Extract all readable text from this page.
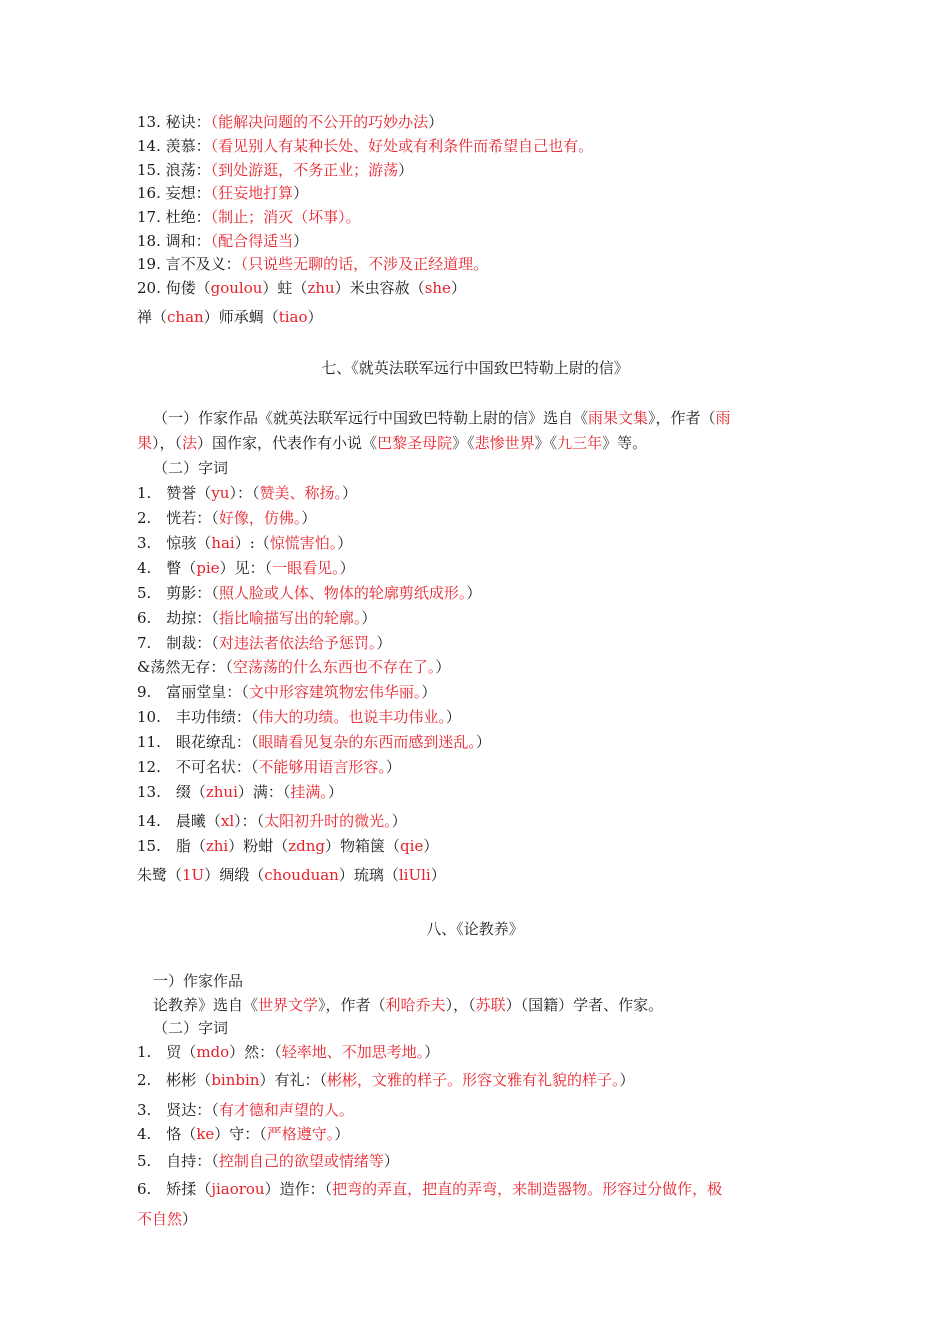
13. 秘诀：（能解决问题的不公开的巧妙办法）
14. 羡慕：（看见别人有某种长处、好处或有利条件而希望自己也有。
15. 浪荡：（到处游逛，不务正业；游荡）
16. 妄想：（狂妄地打算）
17. 杜绝：（制止；消灭（坏事）。
18. 调和：（配合得适当）
19. 言不及义：（只说些无聊的话，不涉及正经道理。
20. 佝偻（goulou）蛀（zhu）米虫容赦（she）
禅（chan）师承蜩（tiao）
七、《就英法联军远行中国致巴特勒上尉的信》
（一）作家作品《就英法联军远行中国致巴特勒上尉的信》选自《雨果文集》，作者（雨
果），（法）国作家，代表作有小说《巴黎圣母院》《悲惨世界》《九三年》等。
（二）字词
1.　赞誉（yu）：（赞美、称扬。）
2.　恍若：（好像，仿佛。）
3.　惊骇（hai）:（惊慌害怕。）
4.　瞥（pie）见：（一眼看见。）
5.　剪影：（照人脸或人体、物体的轮廓剪纸成形。）
6.　劫掠：（指比喻描写出的轮廓。）
7.　制裁：（对违法者依法给予惩罚。）
&荡然无存：（空荡荡的什么东西也不存在了。）
9.　富丽堂皇：（文中形容建筑物宏伟华丽。）
10.　丰功伟绩：（伟大的功绩。也说丰功伟业。）
11.　眼花缭乱：（眼睛看见复杂的东西而感到迷乱。）
12.　不可名状：（不能够用语言形容。）
13.　缀（zhui）满：（挂满。）
14.　晨曦（xl）：（太阳初升时的微光。）
15.　脂（zhi）粉蚶（zdng）物箱箧（qie）
朱鹭（1U）绸缎（chouduan）琉璃（liUli）
八、《论教养》
一）作家作品
论教养》选自《世界文学》，作者（利哈乔夫），（苏联）（国籍）学者、作家。
（二）字词
1.　贸（mdo）然：（轻率地、不加思考地。）
2.　彬彬（binbin）有礼：（彬彬，文雅的样子。形容文雅有礼貌的样子。）
3.　贤达：（有才德和声望的人。
4.　恪（ke）守：（严格遵守。）
5.　自持：（控制自己的欲望或情绪等）
6.　矫揉（jiaorou）造作：（把弯的弄直，把直的弄弯，来制造器物。形容过分做作，极
不自然）
